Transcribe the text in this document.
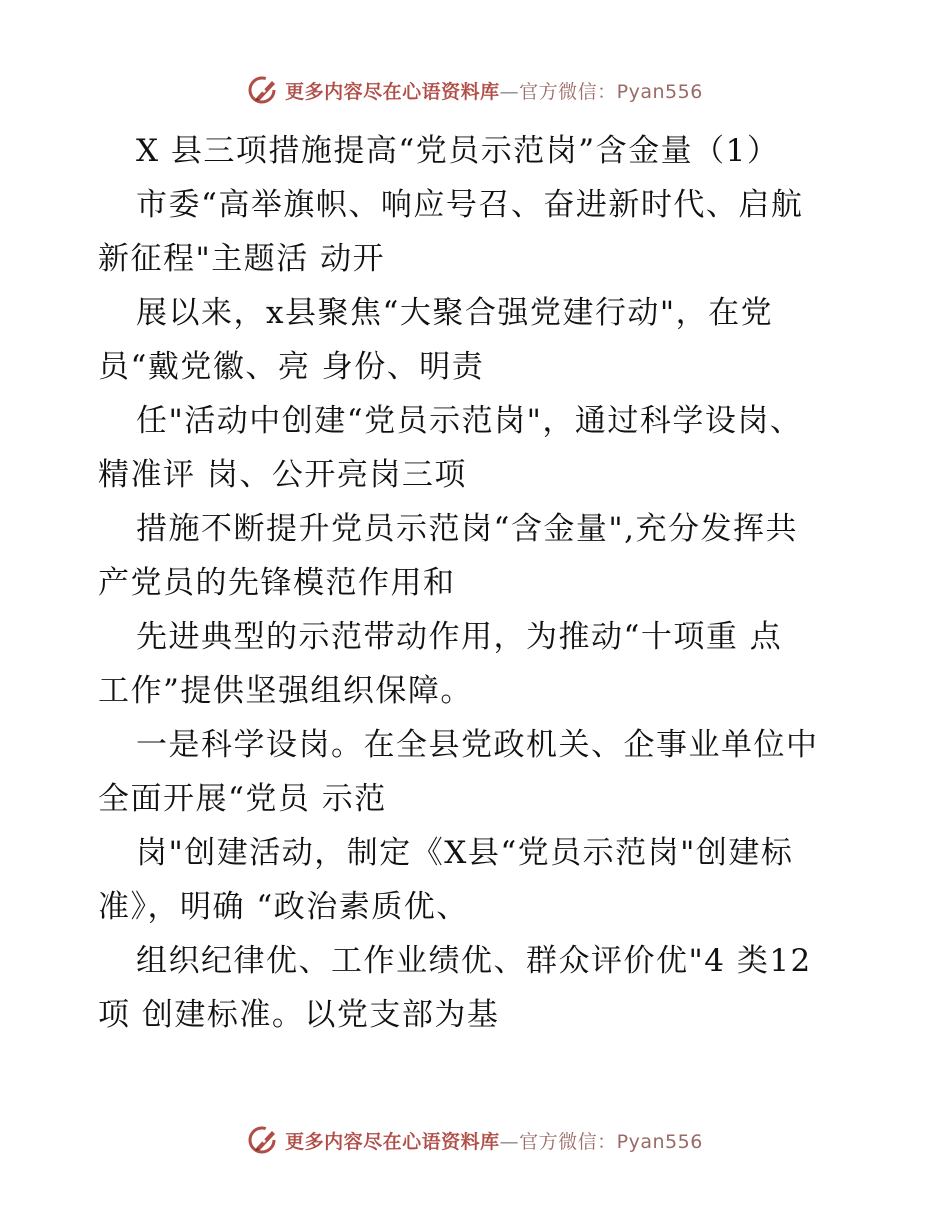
更多内容尽在心语资料库—官方微信：Pyan556

X 县三项措施提高“党员示范岗”含金量（1）

市委“高举旗帜、响应号召、奋进新时代、启航

新征程"主题活 动开

展以来，x县聚焦“大聚合强党建行动"，在党

员“戴党徽、亮 身份、明责

任"活动中创建“党员示范岗"，通过科学设岗、

精准评 岗、公开亮岗三项

措施不断提升党员示范岗“含金量",充分发挥共

产党员的先锋模范作用和

先进典型的示范带动作用，为推动“十项重 点

工作”提供坚强组织保障。

一是科学设岗。在全县党政机关、企事业单位中

全面开展“党员 示范

岗"创建活动，制定《X县“党员示范岗"创建标

准》，明确 “政治素质优、

组织纪律优、工作业绩优、群众评价优"4 类12

项 创建标准。以党支部为基

更多内容尽在心语资料库—官方微信：Pyan556
